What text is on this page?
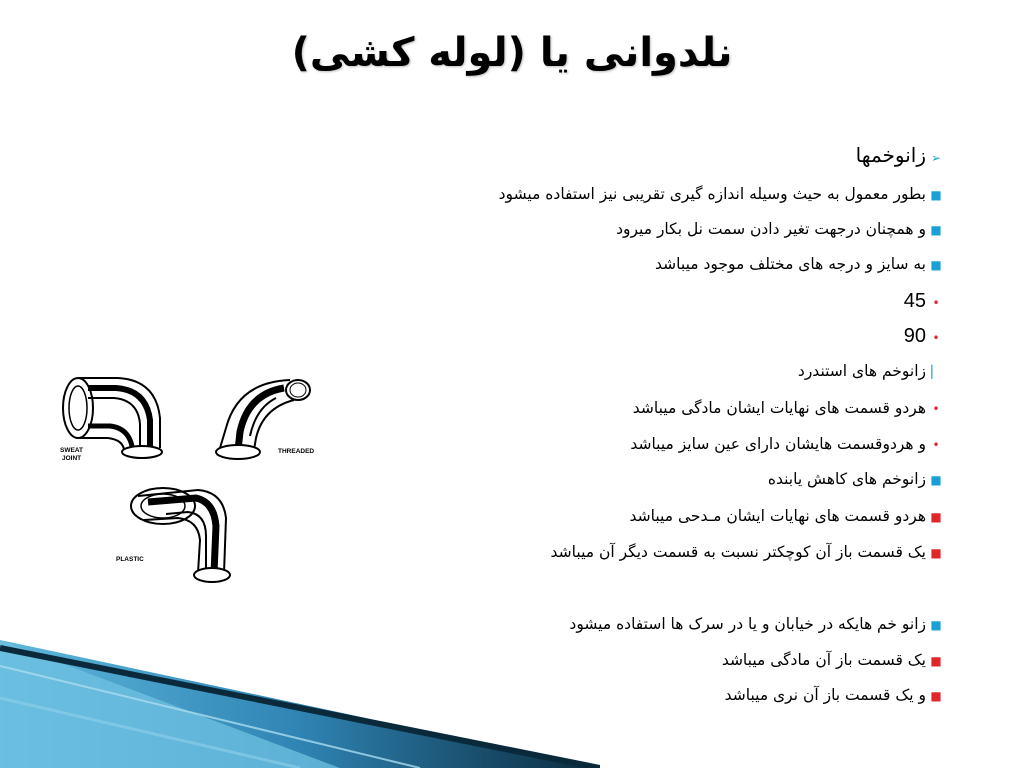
نلدوانی یا (لوله کشی)
➢زانوخمها
■بطور معمول به حیث وسیله اندازه گیری تقریبی نیز استفاده میشود
■و همچنان درجهت تغیر دادن سمت نل بکار میرود
■به سایز و درجه های مختلف موجود میباشد
•45
•90
▏زانوخم های استندرد
•هردو قسمت های نهایات ایشان مادگی میباشد
•و هردوقسمت هایشان دارای عین سایز میباشد
■زانوخم های کاهش یابنده
■هردو قسمت های نهایات ایشان مـدحی میباشد
■یک قسمت باز آن کوچکتر نسبت به قسمت دیگر آن میباشد
■زانو خم هایکه در خیابان و یا در سرک ها استفاده میشود
■یک قسمت باز آن مادگی میباشد
■و یک قسمت باز آن نری میباشد
SWEAT
JOINT
THREADED
PLASTIC
